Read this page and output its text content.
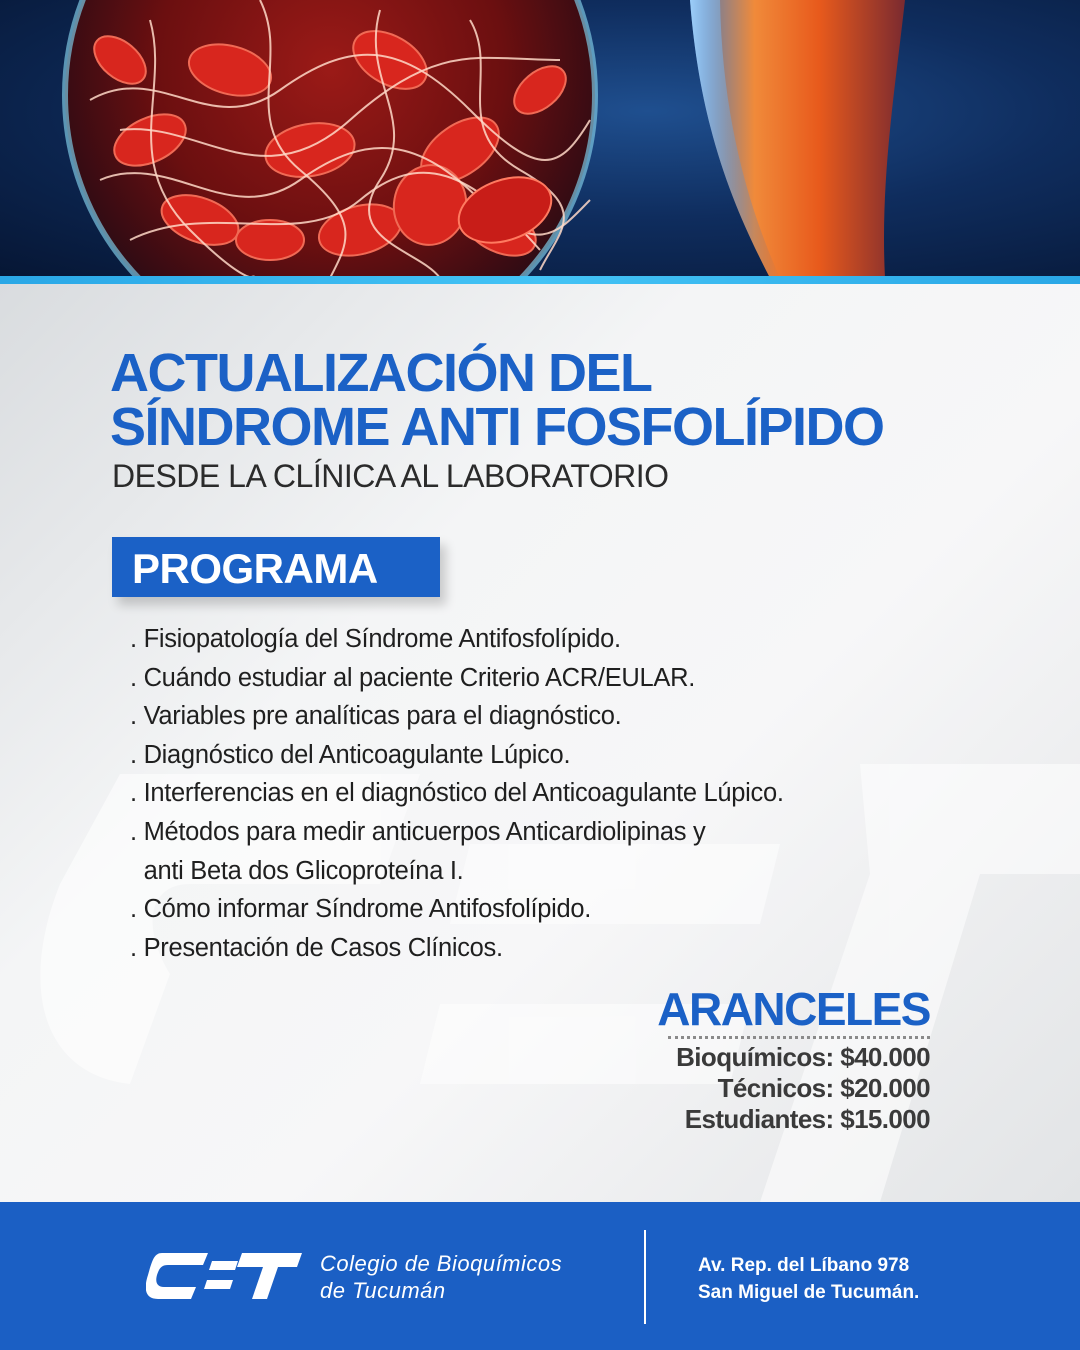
ACTUALIZACIÓN DEL
SÍNDROME ANTI FOSFOLÍPIDO
DESDE LA CLÍNICA AL LABORATORIO
PROGRAMA
. Fisiopatología del Síndrome Antifosfolípido.
. Cuándo estudiar al paciente Criterio ACR/EULAR.
. Variables pre analíticas para el diagnóstico.
. Diagnóstico del Anticoagulante Lúpico.
. Interferencias en el diagnóstico del Anticoagulante Lúpico.
. Métodos para medir anticuerpos Anticardiolipinas y
anti Beta dos Glicoproteína I.
. Cómo informar Síndrome Antifosfolípido.
. Presentación de Casos Clínicos.
ARANCELES
Bioquímicos: $40.000
Técnicos: $20.000
Estudiantes: $15.000
Colegio de Bioquímicos
de Tucumán
Av. Rep. del Líbano 978
San Miguel de Tucumán.
